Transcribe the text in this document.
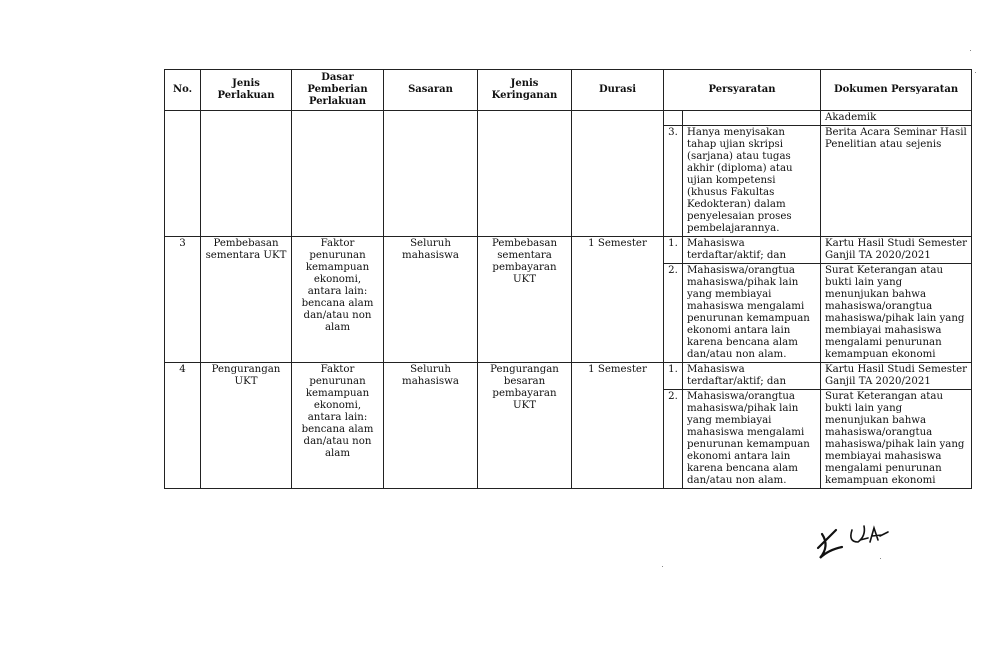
No.	Jenis Perlakuan	Dasar Pemberian Perlakuan	Sasaran	Jenis Keringanan	Durasi	Persyaratan		Dokumen Persyaratan
								Akademik
						3.	Hanya menyisakan tahap ujian skripsi (sarjana) atau tugas akhir (diploma) atau ujian kompetensi (khusus Fakultas Kedokteran) dalam penyelesaian proses pembelajarannya.	Berita Acara Seminar Hasil Penelitian atau sejenis
3	Pembebasan sementara UKT	Faktor penurunan kemampuan ekonomi, antara lain: bencana alam dan/atau non alam	Seluruh mahasiswa	Pembebasan sementara pembayaran UKT	1 Semester	1.	Mahasiswa terdaftar/aktif; dan	Kartu Hasil Studi Semester Ganjil TA 2020/2021
						2.	Mahasiswa/orangtua mahasiswa/pihak lain yang membiayai mahasiswa mengalami penurunan kemampuan ekonomi antara lain karena bencana alam dan/atau non alam.	Surat Keterangan atau bukti lain yang menunjukan bahwa mahasiswa/orangtua mahasiswa/pihak lain yang membiayai mahasiswa mengalami penurunan kemampuan ekonomi
4	Pengurangan UKT	Faktor penurunan kemampuan ekonomi, antara lain: bencana alam dan/atau non alam	Seluruh mahasiswa	Pengurangan besaran pembayaran UKT	1 Semester	1.	Mahasiswa terdaftar/aktif; dan	Kartu Hasil Studi Semester Ganjil TA 2020/2021
						2.	Mahasiswa/orangtua mahasiswa/pihak lain yang membiayai mahasiswa mengalami penurunan kemampuan ekonomi antara lain karena bencana alam dan/atau non alam.	Surat Keterangan atau bukti lain yang menunjukan bahwa mahasiswa/orangtua mahasiswa/pihak lain yang membiayai mahasiswa mengalami penurunan kemampuan ekonomi
